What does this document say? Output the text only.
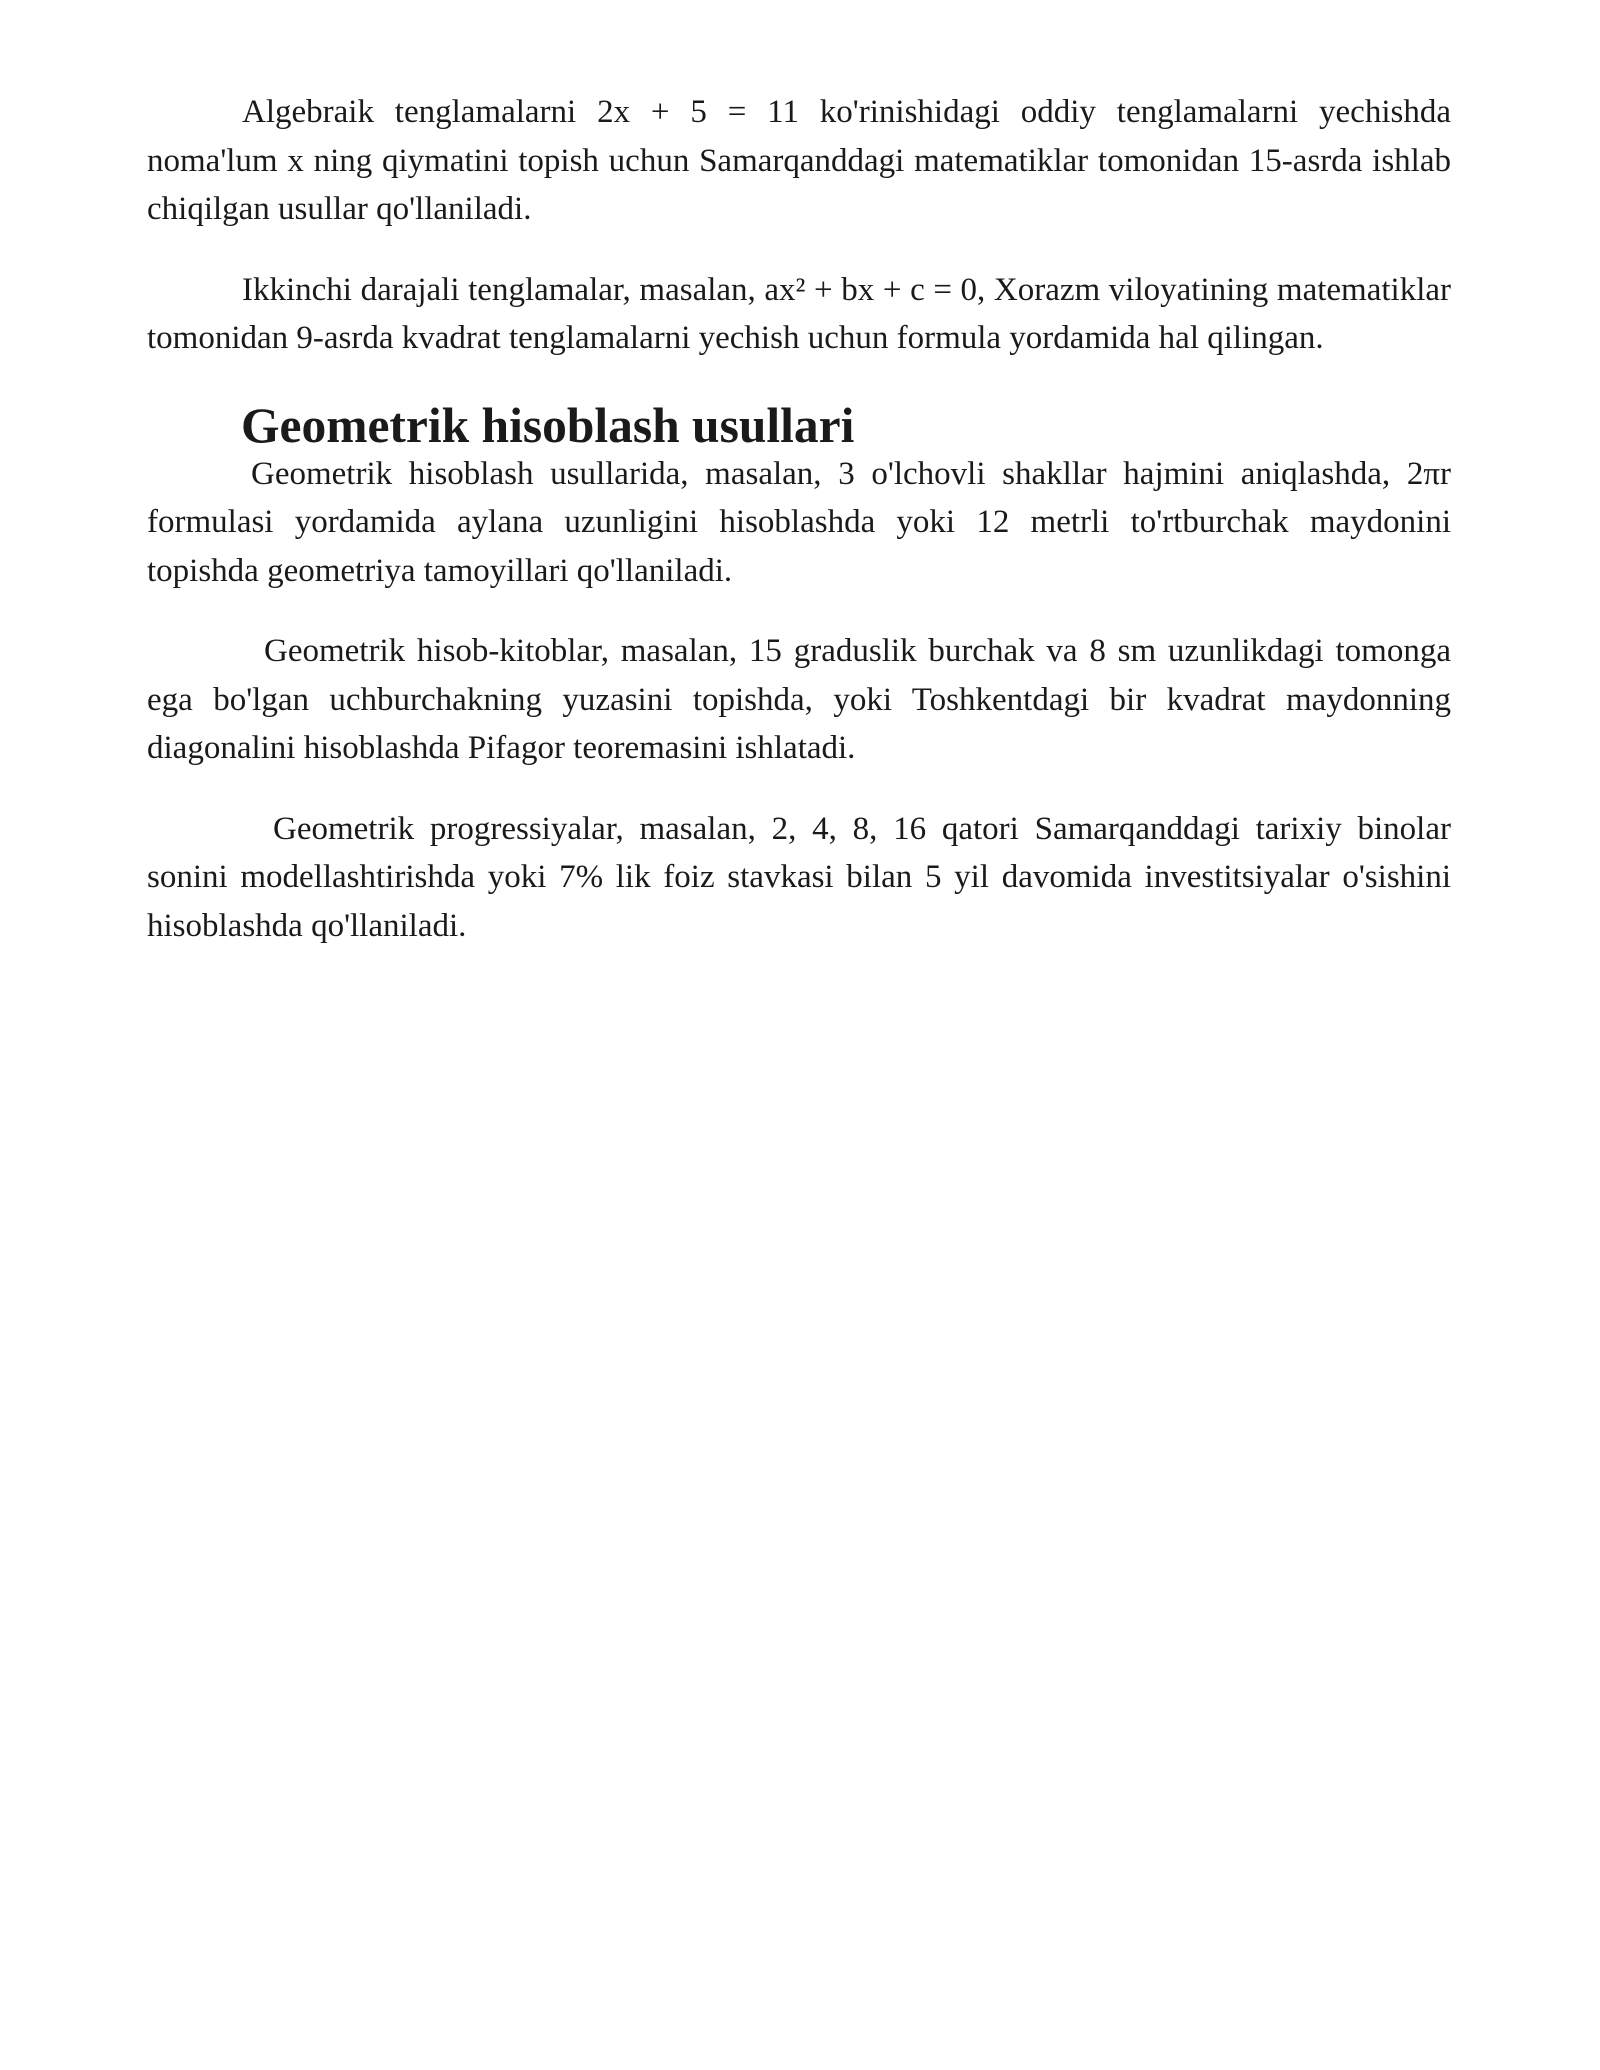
Algebraik tenglamalarni 2x + 5 = 11 ko'rinishidagi oddiy tenglamalarni yechishda noma'lum x ning qiymatini topish uchun Samarqanddagi matematiklar tomonidan 15-asrda ishlab chiqilgan usullar qo'llaniladi.

Ikkinchi darajali tenglamalar, masalan, ax² + bx + c = 0, Xorazm viloyatining matematiklar tomonidan 9-asrda kvadrat tenglamalarni yechish uchun formula yordamida hal qilingan.

Geometrik hisoblash usullari

Geometrik hisoblash usullarida, masalan, 3 o'lchovli shakllar hajmini aniqlashda, 2πr formulasi yordamida aylana uzunligini hisoblashda yoki 12 metrli to'rtburchak maydonini topishda geometriya tamoyillari qo'llaniladi.

Geometrik hisob-kitoblar, masalan, 15 graduslik burchak va 8 sm uzunlikdagi tomonga ega bo'lgan uchburchakning yuzasini topishda, yoki Toshkentdagi bir kvadrat maydonning diagonalini hisoblashda Pifagor teoremasini ishlatadi.

Geometrik progressiyalar, masalan, 2, 4, 8, 16 qatori Samarqanddagi tarixiy binolar sonini modellashtirishda yoki 7% lik foiz stavkasi bilan 5 yil davomida investitsiyalar o'sishini hisoblashda qo'llaniladi.
